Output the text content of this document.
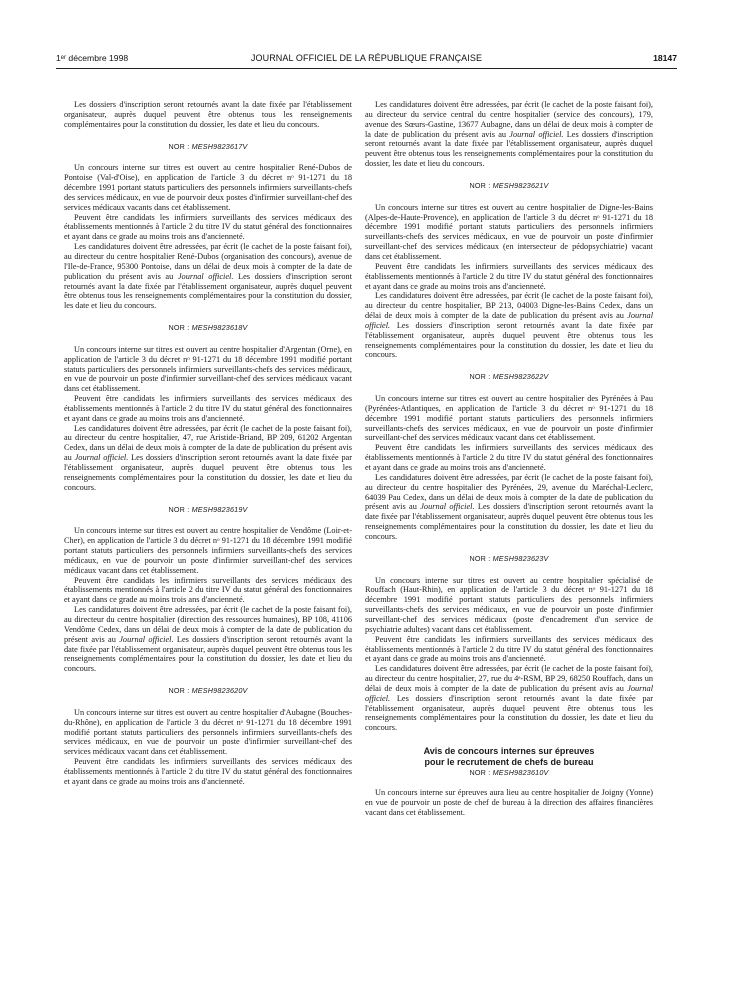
1ᵉʳ décembre 1998	JOURNAL OFFICIEL DE LA RÉPUBLIQUE FRANÇAISE	18147

Les dossiers d'inscription seront retournés avant la date fixée par l'établissement organisateur, auprès duquel peuvent être obtenus tous les renseignements complémentaires pour la constitution du dossier, les date et lieu du concours.

NOR : MESH9823617V

Un concours interne sur titres est ouvert au centre hospitalier René-Dubos de Pontoise (Val-d'Oise), en application de l'article 3 du décret nᵒ 91-1271 du 18 décembre 1991 portant statuts particuliers des personnels infirmiers surveillants-chefs des services médicaux, en vue de pourvoir deux postes d'infirmier surveillant-chef des services médicaux vacants dans cet établissement.

Peuvent être candidats les infirmiers surveillants des services médicaux des établissements mentionnés à l'article 2 du titre IV du statut général des fonctionnaires et ayant dans ce grade au moins trois ans d'ancienneté.

Les candidatures doivent être adressées, par écrit (le cachet de la poste faisant foi), au directeur du centre hospitalier René-Dubos (organisation des concours), avenue de l'Ile-de-France, 95300 Pontoise, dans un délai de deux mois à compter de la date de publication du présent avis au Journal officiel. Les dossiers d'inscription seront retournés avant la date fixée par l'établissement organisateur, auprès duquel peuvent être obtenus tous les renseignements complémentaires pour la constitution du dossier, les date et lieu du concours.

NOR : MESH9823618V

Un concours interne sur titres est ouvert au centre hospitalier d'Argentan (Orne), en application de l'article 3 du décret nᵒ 91-1271 du 18 décembre 1991 modifié portant statuts particuliers des personnels infirmiers surveillants-chefs des services médicaux, en vue de pourvoir un poste d'infirmier surveillant-chef des services médicaux vacant dans cet établissement.

Peuvent être candidats les infirmiers surveillants des services médicaux des établissements mentionnés à l'article 2 du titre IV du statut général des fonctionnaires et ayant dans ce grade au moins trois ans d'ancienneté.

Les candidatures doivent être adressées, par écrit (le cachet de la poste faisant foi), au directeur du centre hospitalier, 47, rue Aristide-Briand, BP 209, 61202 Argentan Cedex, dans un délai de deux mois à compter de la date de publication du présent avis au Journal officiel. Les dossiers d'inscription seront retournés avant la date fixée par l'établissement organisateur, auprès duquel peuvent être obtenus tous les renseignements complémentaires pour la constitution du dossier, les date et lieu du concours.

NOR : MESH9823619V

Un concours interne sur titres est ouvert au centre hospitalier de Vendôme (Loir-et-Cher), en application de l'article 3 du décret nᵒ 91-1271 du 18 décembre 1991 modifié portant statuts particuliers des personnels infirmiers surveillants-chefs des services médicaux, en vue de pourvoir un poste d'infirmier surveillant-chef des services médicaux vacant dans cet établissement.

Peuvent être candidats les infirmiers surveillants des services médicaux des établissements mentionnés à l'article 2 du titre IV du statut général des fonctionnaires et ayant dans ce grade au moins trois ans d'ancienneté.

Les candidatures doivent être adressées, par écrit (le cachet de la poste faisant foi), au directeur du centre hospitalier (direction des ressources humaines), BP 108, 41106 Vendôme Cedex, dans un délai de deux mois à compter de la date de publication du présent avis au Journal officiel. Les dossiers d'inscription seront retournés avant la date fixée par l'établissement organisateur, auprès duquel peuvent être obtenus tous les renseignements complémentaires pour la constitution du dossier, les date et lieu du concours.

NOR : MESH9823620V

Un concours interne sur titres est ouvert au centre hospitalier d'Aubagne (Bouches-du-Rhône), en application de l'article 3 du décret nᵒ 91-1271 du 18 décembre 1991 modifié portant statuts particuliers des personnels infirmiers surveillants-chefs des services médicaux, en vue de pourvoir un poste d'infirmier surveillant-chef des services médicaux vacant dans cet établissement.

Peuvent être candidats les infirmiers surveillants des services médicaux des établissements mentionnés à l'article 2 du titre IV du statut général des fonctionnaires et ayant dans ce grade au moins trois ans d'ancienneté.

Les candidatures doivent être adressées, par écrit (le cachet de la poste faisant foi), au directeur du service central du centre hospitalier (service des concours), 179, avenue des Sœurs-Gastine, 13677 Aubagne, dans un délai de deux mois à compter de la date de publication du présent avis au Journal officiel. Les dossiers d'inscription seront retournés avant la date fixée par l'établissement organisateur, auprès duquel peuvent être obtenus tous les renseignements complémentaires pour la constitution du dossier, les date et lieu du concours.

NOR : MESH9823621V

Un concours interne sur titres est ouvert au centre hospitalier de Digne-les-Bains (Alpes-de-Haute-Provence), en application de l'article 3 du décret nᵒ 91-1271 du 18 décembre 1991 modifié portant statuts particuliers des personnels infirmiers surveillants-chefs des services médicaux, en vue de pourvoir un poste d'infirmier surveillant-chef des services médicaux (en intersecteur de pédopsychiatrie) vacant dans cet établissement.

Peuvent être candidats les infirmiers surveillants des services médicaux des établissements mentionnés à l'article 2 du titre IV du statut général des fonctionnaires et ayant dans ce grade au moins trois ans d'ancienneté.

Les candidatures doivent être adressées, par écrit (le cachet de la poste faisant foi), au directeur du centre hospitalier, BP 213, 04003 Digne-les-Bains Cedex, dans un délai de deux mois à compter de la date de publication du présent avis au Journal officiel. Les dossiers d'inscription seront retournés avant la date fixée par l'établissement organisateur, auprès duquel peuvent être obtenus tous les renseignements complémentaires pour la constitution du dossier, les date et lieu du concours.

NOR : MESH9823622V

Un concours interne sur titres est ouvert au centre hospitalier des Pyrénées à Pau (Pyrénées-Atlantiques, en application de l'article 3 du décret nᵒ 91-1271 du 18 décembre 1991 modifié portant statuts particuliers des personnels infirmiers surveillants-chefs des services médicaux, en vue de pourvoir un poste d'infirmier surveillant-chef des services médicaux vacant dans cet établissement.

Peuvent être candidats les infirmiers surveillants des services médicaux des établissements mentionnés à l'article 2 du titre IV du statut général des fonctionnaires et ayant dans ce grade au moins trois ans d'ancienneté.

Les candidatures doivent être adressées, par écrit (le cachet de la poste faisant foi), au directeur du centre hospitalier des Pyrénées, 29, avenue du Maréchal-Leclerc, 64039 Pau Cedex, dans un délai de deux mois à compter de la date de publication du présent avis au Journal officiel. Les dossiers d'inscription seront retournés avant la date fixée par l'établissement organisateur, auprès duquel peuvent être obtenus tous les renseignements complémentaires pour la constitution du dossier, les date et lieu du concours.

NOR : MESH9823623V

Un concours interne sur titres est ouvert au centre hospitalier spécialisé de Rouffach (Haut-Rhin), en application de l'article 3 du décret nᵒ 91-1271 du 18 décembre 1991 modifié portant statuts particuliers des personnels infirmiers surveillants-chefs des services médicaux, en vue de pourvoir un poste d'infirmier surveillant-chef des services médicaux (poste d'encadrement d'un service de psychiatrie adultes) vacant dans cet établissement.

Peuvent être candidats les infirmiers surveillants des services médicaux des établissements mentionnés à l'article 2 du titre IV du statut général des fonctionnaires et ayant dans ce grade au moins trois ans d'ancienneté.

Les candidatures doivent être adressées, par écrit (le cachet de la poste faisant foi), au directeur du centre hospitalier, 27, rue du 4ᵉ-RSM, BP 29, 68250 Rouffach, dans un délai de deux mois à compter de la date de publication du présent avis au Journal officiel. Les dossiers d'inscription seront retournés avant la date fixée par l'établissement organisateur, auprès duquel peuvent être obtenus tous les renseignements complémentaires pour la constitution du dossier, les date et lieu du concours.

Avis de concours internes sur épreuves
pour le recrutement de chefs de bureau
NOR : MESH9823610V

Un concours interne sur épreuves aura lieu au centre hospitalier de Joigny (Yonne) en vue de pourvoir un poste de chef de bureau à la direction des affaires financières vacant dans cet établissement.
